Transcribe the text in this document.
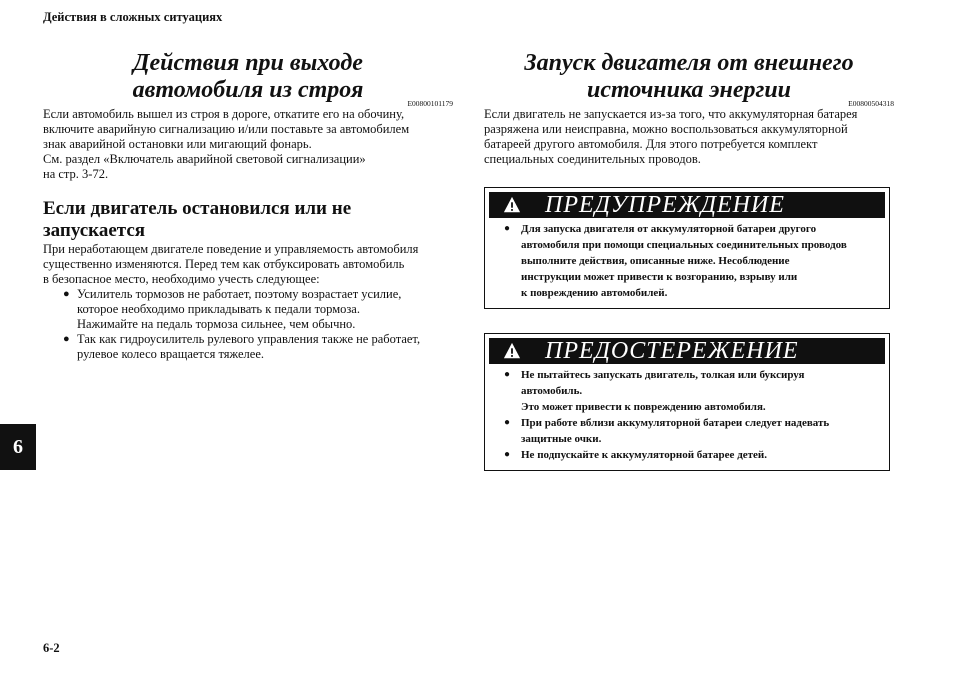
Действия в сложных ситуациях
Действия при выходе
автомобиля из строя
E00800101179

Если автомобиль вышел из строя в дороге, откатите его на обочину,

включите аварийную сигнализацию и/или поставьте за автомобилем

знак аварийной остановки или мигающий фонарь.

См. раздел «Включатель аварийной световой сигнализации»

на стр. 3-72.

Если двигатель остановился или не запускается

При неработающем двигателе поведение и управляемость автомобиля

существенно изменяются. Перед тем как отбуксировать автомобиль

в безопасное место, необходимо учесть следующее:

● Усилитель тормозов не работает, поэтому возрастает усилие,
которое необходимо прикладывать к педали тормоза.
Нажимайте на педаль тормоза сильнее, чем обычно.
● Так как гидроусилитель рулевого управления также не работает,
рулевое колесо вращается тяжелее.
Запуск двигателя от внешнего
источника энергии
E00800504318

Если двигатель не запускается из-за того, что аккумуляторная батарея

разряжена или неисправна, можно воспользоваться аккумуляторной

батареей другого автомобиля. Для этого потребуется комплект

специальных соединительных проводов.

ПРЕДУПРЕЖДЕНИЕ
● Для запуска двигателя от аккумуляторной батареи другого
автомобиля при помощи специальных соединительных проводов
выполните действия, описанные ниже. Несоблюдение
инструкции может привести к возгоранию, взрыву или
к повреждению автомобилей.
ПРЕДОСТЕРЕЖЕНИЕ
● Не пытайтесь запускать двигатель, толкая или буксируя
автомобиль.
Это может привести к повреждению автомобиля.
● При работе вблизи аккумуляторной батареи следует надевать
защитные очки.
● Не подпускайте к аккумуляторной батарее детей.
6
6-2
